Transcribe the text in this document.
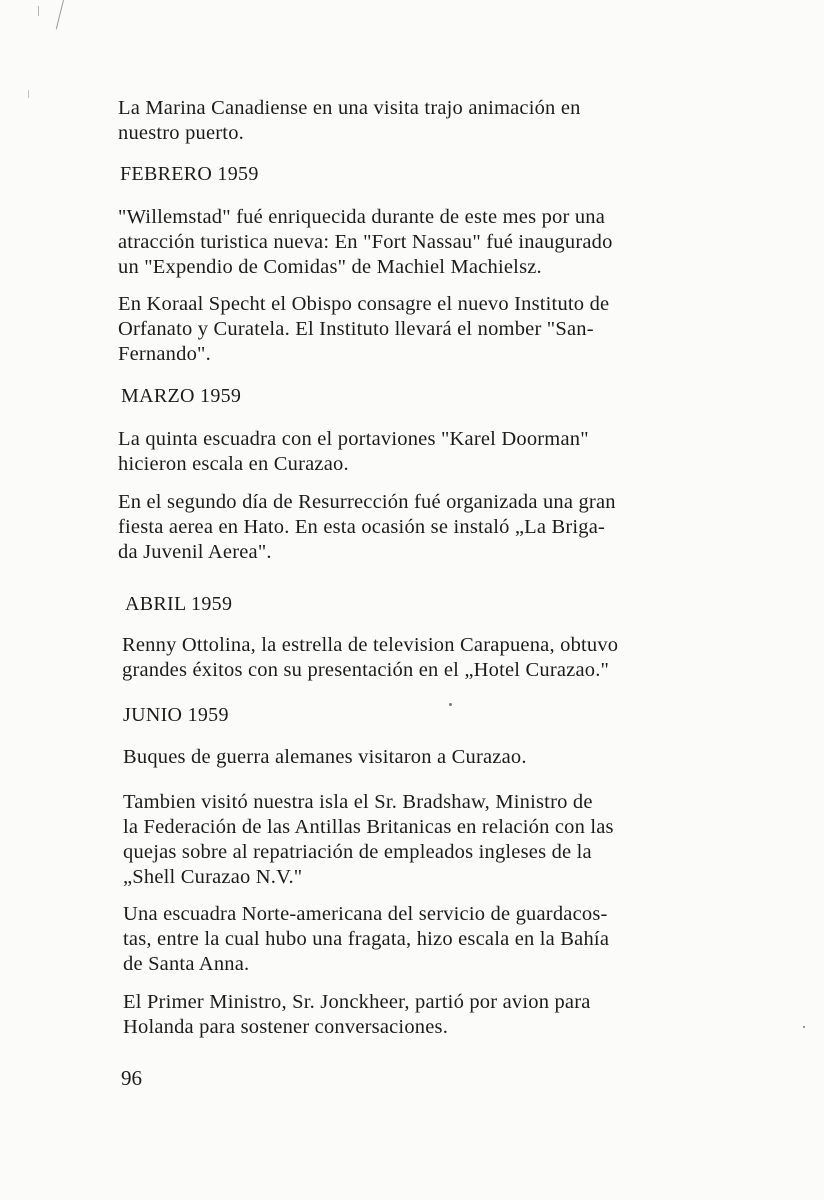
La Marina Canadiense en una visita trajo animación en
nuestro puerto.
FEBRERO 1959
"Willemstad" fué enriquecida durante de este mes por una
atracción turistica nueva: En "Fort Nassau" fué inaugurado
un "Expendio de Comidas" de Machiel Machielsz.
En Koraal Specht el Obispo consagre el nuevo Instituto de
Orfanato y Curatela. El Instituto llevará el nomber "San-
Fernando".
MARZO 1959
La quinta escuadra con el portaviones "Karel Doorman"
hicieron escala en Curazao.
En el segundo día de Resurrección fué organizada una gran
fiesta aerea en Hato. En esta ocasión se instaló „La Briga-
da Juvenil Aerea".
ABRIL 1959
Renny Ottolina, la estrella de television Carapuena, obtuvo
grandes éxitos con su presentación en el „Hotel Curazao."
JUNIO 1959
Buques de guerra alemanes visitaron a Curazao.
Tambien visitó nuestra isla el Sr. Bradshaw, Ministro de
la Federación de las Antillas Britanicas en relación con las
quejas sobre al repatriación de empleados ingleses de la
„Shell Curazao N.V."
Una escuadra Norte-americana del servicio de guardacos-
tas, entre la cual hubo una fragata, hizo escala en la Bahía
de Santa Anna.
El Primer Ministro, Sr. Jonckheer, partió por avion para
Holanda para sostener conversaciones.
96
